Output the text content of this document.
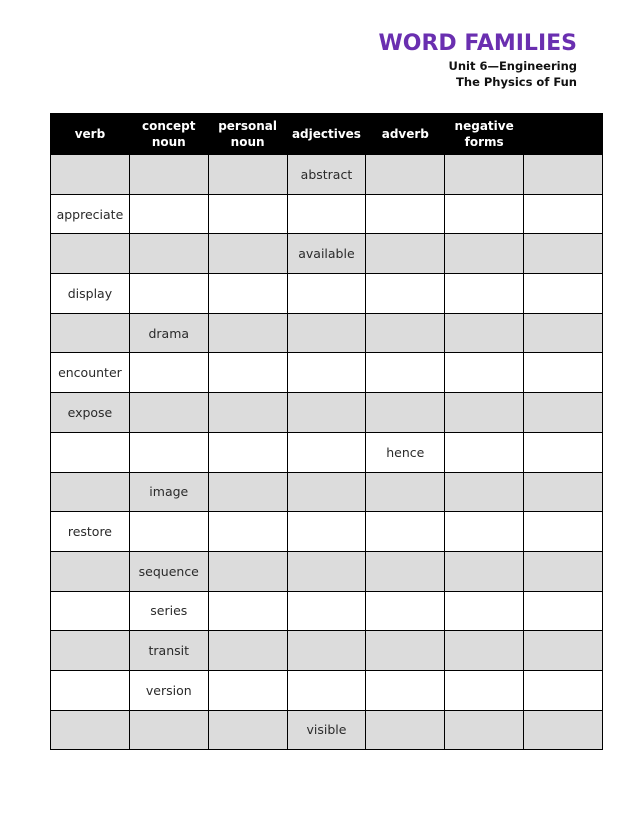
WORD FAMILIES
Unit 6—Engineering
The Physics of Fun
verb	concept noun	personal noun	adjectives	adverb	negative forms	
			abstract			
appreciate						
			available			
display						
	drama					
encounter						
expose						
				hence		
	image					
restore						
	sequence					
	series					
	transit					
	version					
			visible			
